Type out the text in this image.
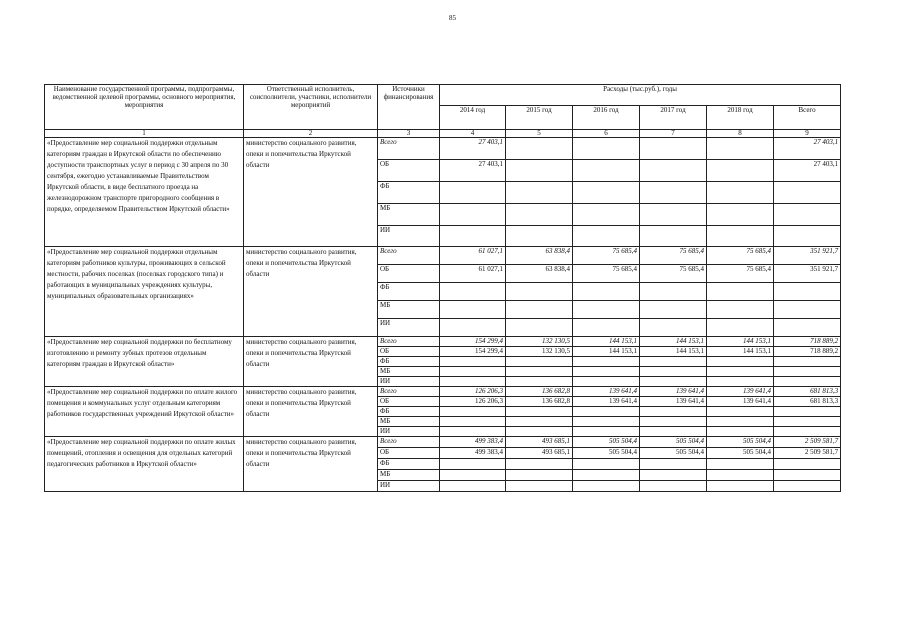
85
Наименование государственной программы, подпрограммы, ведомственной целевой программы, основного мероприятия, мероприятия	Ответственный исполнитель, соисполнители, участники, исполнители мероприятий	Источники финансирования	Расходы (тыс.руб.), годы					
			2014 год	2015 год	2016 год	2017 год	2018 год	Всего
1	2	3	4	5	6	7	8	9
«Предоставление мер социальной поддержки отдельным категориям граждан в Иркутской области по обеспечению доступности транспортных услуг в период с 30 апреля по 30 сентября, ежегодно устанавливаемые Правительством Иркутской области, в виде бесплатного проезда на железнодорожном транспорте пригородного сообщения в порядке, определяемом Правительством Иркутской области»	министерство социального развития, опеки и попечительства Иркутской области	Всего	27 403,1					27 403,1
		ОБ	27 403,1					27 403,1
		ФБ						
		МБ						
		ИИ						
«Предоставление мер социальной поддержки отдельным категориям работников культуры, проживающих в сельской местности, рабочих поселках (поселках городского типа) и работающих в муниципальных учреждениях культуры, муниципальных образовательных организациях»	министерство социального развития, опеки и попечительства Иркутской области	Всего	61 027,1	63 838,4	75 685,4	75 685,4	75 685,4	351 921,7
		ОБ	61 027,1	63 838,4	75 685,4	75 685,4	75 685,4	351 921,7
		ФБ						
		МБ						
		ИИ						
«Предоставление мер социальной поддержки по бесплатному изготовлению и ремонту зубных протезов отдельным категориям граждан в Иркутской области»	министерство социального развития, опеки и попечительства Иркутской области	Всего	154 299,4	132 130,5	144 153,1	144 153,1	144 153,1	718 889,2
		ОБ	154 299,4	132 130,5	144 153,1	144 153,1	144 153,1	718 889,2
		ФБ						
		МБ						
		ИИ						
«Предоставление мер социальной поддержки по оплате жилого помещения и коммунальных услуг отдельным категориям работников государственных учреждений Иркутской области»	министерство социального развития, опеки и попечительства Иркутской области	Всего	126 206,3	136 682,8	139 641,4	139 641,4	139 641,4	681 813,3
		ОБ	126 206,3	136 682,8	139 641,4	139 641,4	139 641,4	681 813,3
		ФБ						
		МБ						
		ИИ						
«Предоставление мер социальной поддержки по оплате жилых помещений, отопления и освещения для отдельных категорий педагогических работников в Иркутской области»	министерство социального развития, опеки и попечительства Иркутской области	Всего	499 383,4	493 685,1	505 504,4	505 504,4	505 504,4	2 509 581,7
		ОБ	499 383,4	493 685,1	505 504,4	505 504,4	505 504,4	2 509 581,7
		ФБ						
		МБ						
		ИИ						
